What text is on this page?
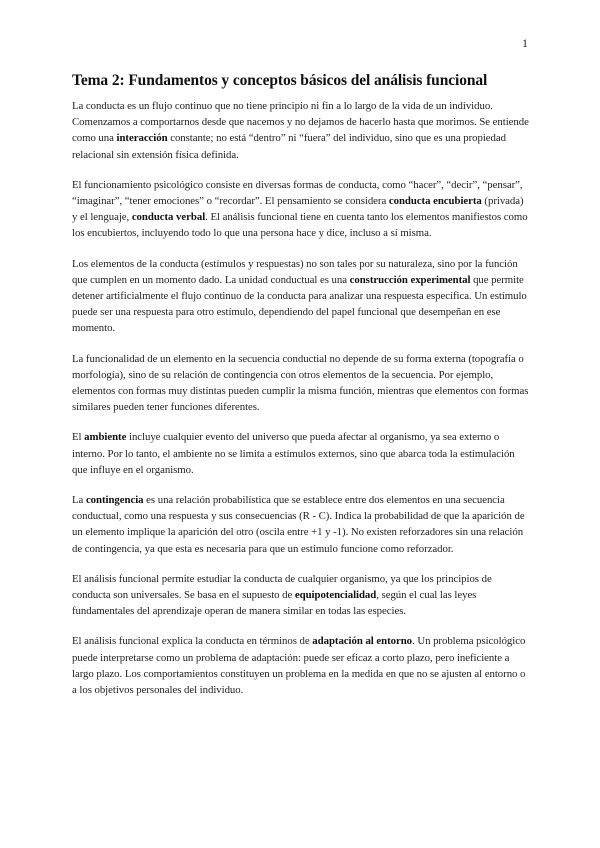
1
Tema 2: Fundamentos y conceptos básicos del análisis funcional

La conducta es un flujo continuo que no tiene principio ni fin a lo largo de la vida de un individuo. Comenzamos a comportarnos desde que nacemos y no dejamos de hacerlo hasta que morimos. Se entiende como una interacción constante; no está “dentro” ni “fuera” del individuo, sino que es una propiedad relacional sin extensión física definida.

El funcionamiento psicológico consiste en diversas formas de conducta, como “hacer”, “decir”, “pensar”, “imaginar”, “tener emociones” o “recordar”. El pensamiento se considera conducta encubierta (privada) y el lenguaje, conducta verbal. El análisis funcional tiene en cuenta tanto los elementos manifiestos como los encubiertos, incluyendo todo lo que una persona hace y dice, incluso a sí misma.

Los elementos de la conducta (estímulos y respuestas) no son tales por su naturaleza, sino por la función que cumplen en un momento dado. La unidad conductual es una construcción experimental que permite detener artificialmente el flujo continuo de la conducta para analizar una respuesta específica. Un estímulo puede ser una respuesta para otro estímulo, dependiendo del papel funcional que desempeñan en ese momento.

La funcionalidad de un elemento en la secuencia conductial no depende de su forma externa (topografía o morfología), sino de su relación de contingencia con otros elementos de la secuencia. Por ejemplo, elementos con formas muy distintas pueden cumplir la misma función, mientras que elementos con formas similares pueden tener funciones diferentes.

El ambiente incluye cualquier evento del universo que pueda afectar al organismo, ya sea externo o interno. Por lo tanto, el ambiente no se limita a estímulos externos, sino que abarca toda la estimulación que influye en el organismo.

La contingencia es una relación probabilística que se establece entre dos elementos en una secuencia conductual, como una respuesta y sus consecuencias (R - C). Indica la probabilidad de que la aparición de un elemento implique la aparición del otro (oscila entre +1 y -1). No existen reforzadores sin una relación de contingencia, ya que esta es necesaria para que un estímulo funcione como reforzador.

El análisis funcional permite estudiar la conducta de cualquier organismo, ya que los principios de conducta son universales. Se basa en el supuesto de equipotencialidad, según el cual las leyes fundamentales del aprendizaje operan de manera similar en todas las especies.

El análisis funcional explica la conducta en términos de adaptación al entorno. Un problema psicológico puede interpretarse como un problema de adaptación: puede ser eficaz a corto plazo, pero ineficiente a largo plazo. Los comportamientos constituyen un problema en la medida en que no se ajusten al entorno o a los objetivos personales del individuo.
